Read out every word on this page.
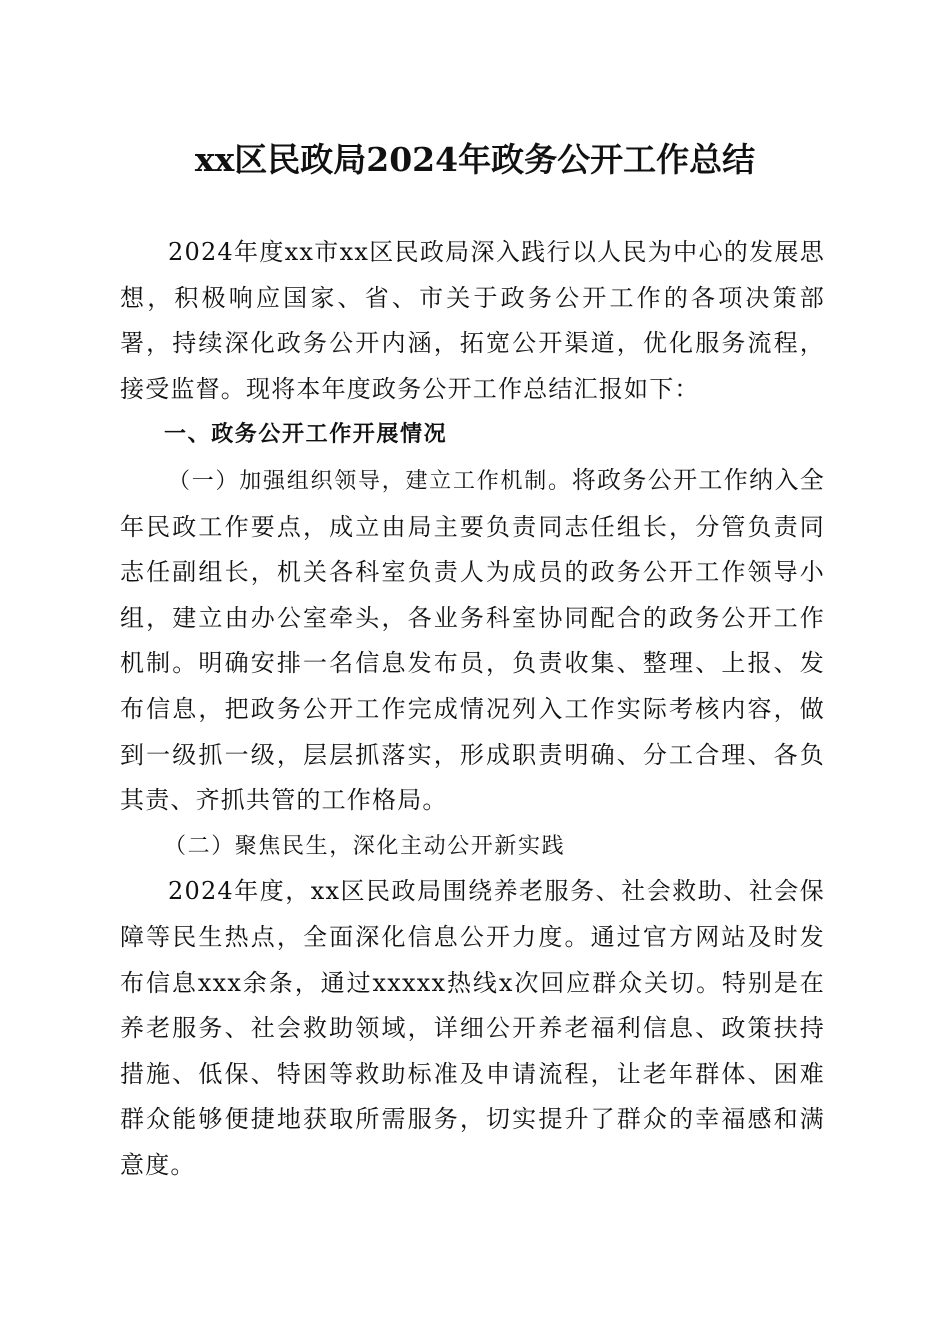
xx区民政局2024年政务公开工作总结

2024年度xx市xx区民政局深入践行以人民为中心的发展思想，积极响应国家、省、市关于政务公开工作的各项决策部署，持续深化政务公开内涵，拓宽公开渠道，优化服务流程，接受监督。现将本年度政务公开工作总结汇报如下：

一、政务公开工作开展情况

（一）加强组织领导，建立工作机制。将政务公开工作纳入全年民政工作要点，成立由局主要负责同志任组长，分管负责同志任副组长，机关各科室负责人为成员的政务公开工作领导小组，建立由办公室牵头，各业务科室协同配合的政务公开工作机制。明确安排一名信息发布员，负责收集、整理、上报、发布信息，把政务公开工作完成情况列入工作实际考核内容，做到一级抓一级，层层抓落实，形成职责明确、分工合理、各负其责、齐抓共管的工作格局。

（二）聚焦民生，深化主动公开新实践

2024年度，xx区民政局围绕养老服务、社会救助、社会保障等民生热点，全面深化信息公开力度。通过官方网站及时发布信息xxx余条，通过xxxxx热线x次回应群众关切。特别是在养老服务、社会救助领域，详细公开养老福利信息、政策扶持措施、低保、特困等救助标准及申请流程，让老年群体、困难群众能够便捷地获取所需服务，切实提升了群众的幸福感和满意度。
